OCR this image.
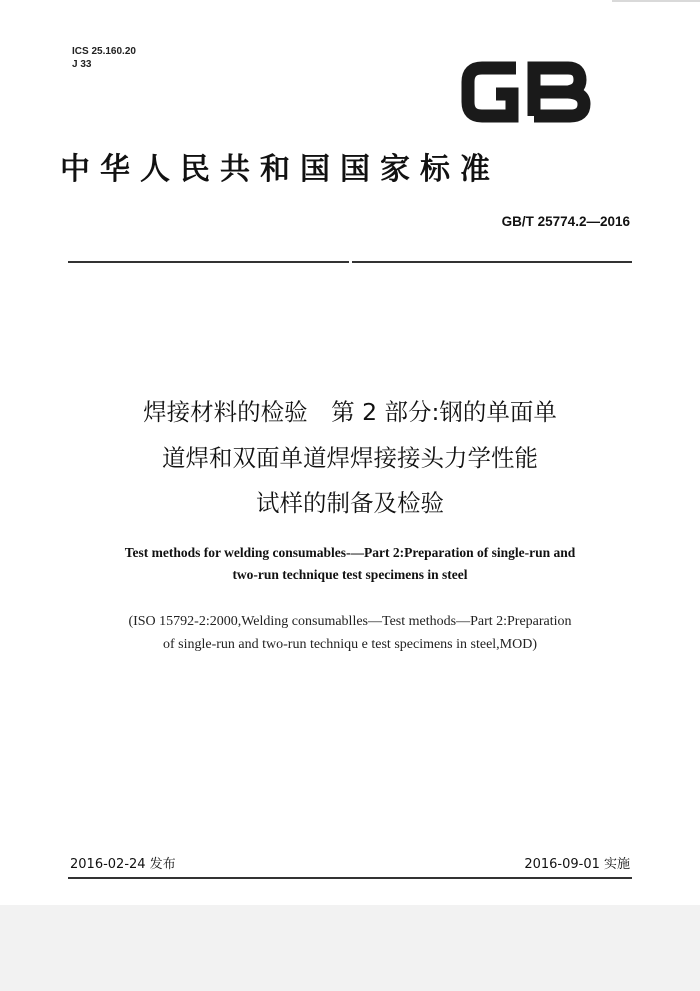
ICS 25.160.20
J 33
中华人民共和国国家标准
GB/T 25774.2—2016
焊接材料的检验　第 2 部分:钢的单面单
道焊和双面单道焊焊接接头力学性能
试样的制备及检验
Test methods for welding consumables-—Part 2:Preparation of single-run and
two-run technique test specimens in steel
(ISO 15792-2:2000,Welding consumablles—Test methods—Part 2:Preparation
of single-run and two-run techniqu e test specimens in steel,MOD)
2016-02-24 发布	2016-09-01 实施
